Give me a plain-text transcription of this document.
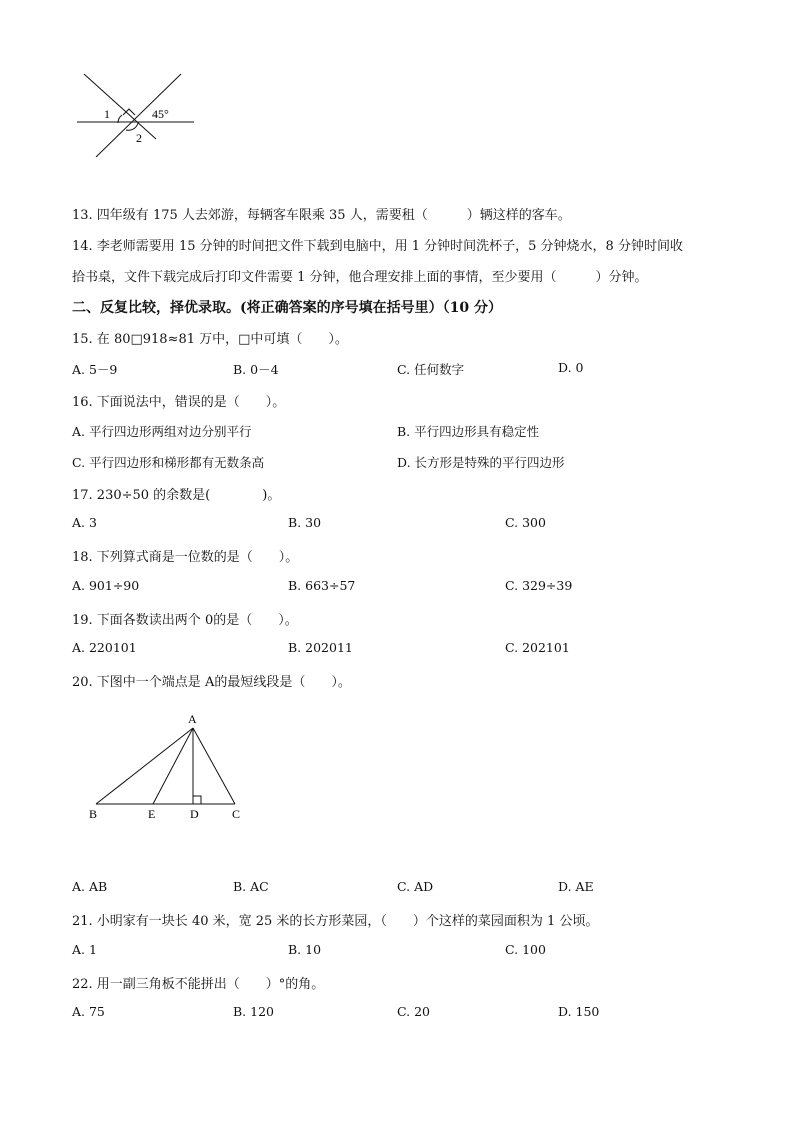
1
2
45°
13. 四年级有 175 人去郊游，每辆客车限乘 35 人，需要租（　　　）辆这样的客车。
14. 李老师需要用 15 分钟的时间把文件下载到电脑中，用 1 分钟时间洗杯子，5 分钟烧水，8 分钟时间收
拾书桌，文件下载完成后打印文件需要 1 分钟，他合理安排上面的事情，至少要用（　　　）分钟。
二、反复比较，择优录取。(将正确答案的序号填在括号里）（10 分）
15. 在 80□918≈81 万中，□中可填（　　）。
A. 5－9	B. 0－4	C. 任何数字	D. 0
16. 下面说法中，错误的是（　　）。
A. 平行四边形两组对边分别平行	B. 平行四边形具有稳定性
C. 平行四边形和梯形都有无数条高	D. 长方形是特殊的平行四边形
17. 230÷50 的余数是(　　　　)。
A. 3	B. 30	C. 300
18. 下列算式商是一位数的是（　　）。
A. 901÷90	B. 663÷57	C. 329÷39
19. 下面各数读出两个 0的是（　　）。
A. 220101	B. 202011	C. 202101
20. 下图中一个端点是 A的最短线段是（　　）。
A
B	E	D	C
A. AB	B. AC	C. AD	D. AE
21. 小明家有一块长 40 米，宽 25 米的长方形菜园，（　　）个这样的菜园面积为 1 公顷。
A. 1	B. 10	C. 100
22. 用一副三角板不能拼出（　　）°的角。
A. 75	B. 120	C. 20	D. 150
